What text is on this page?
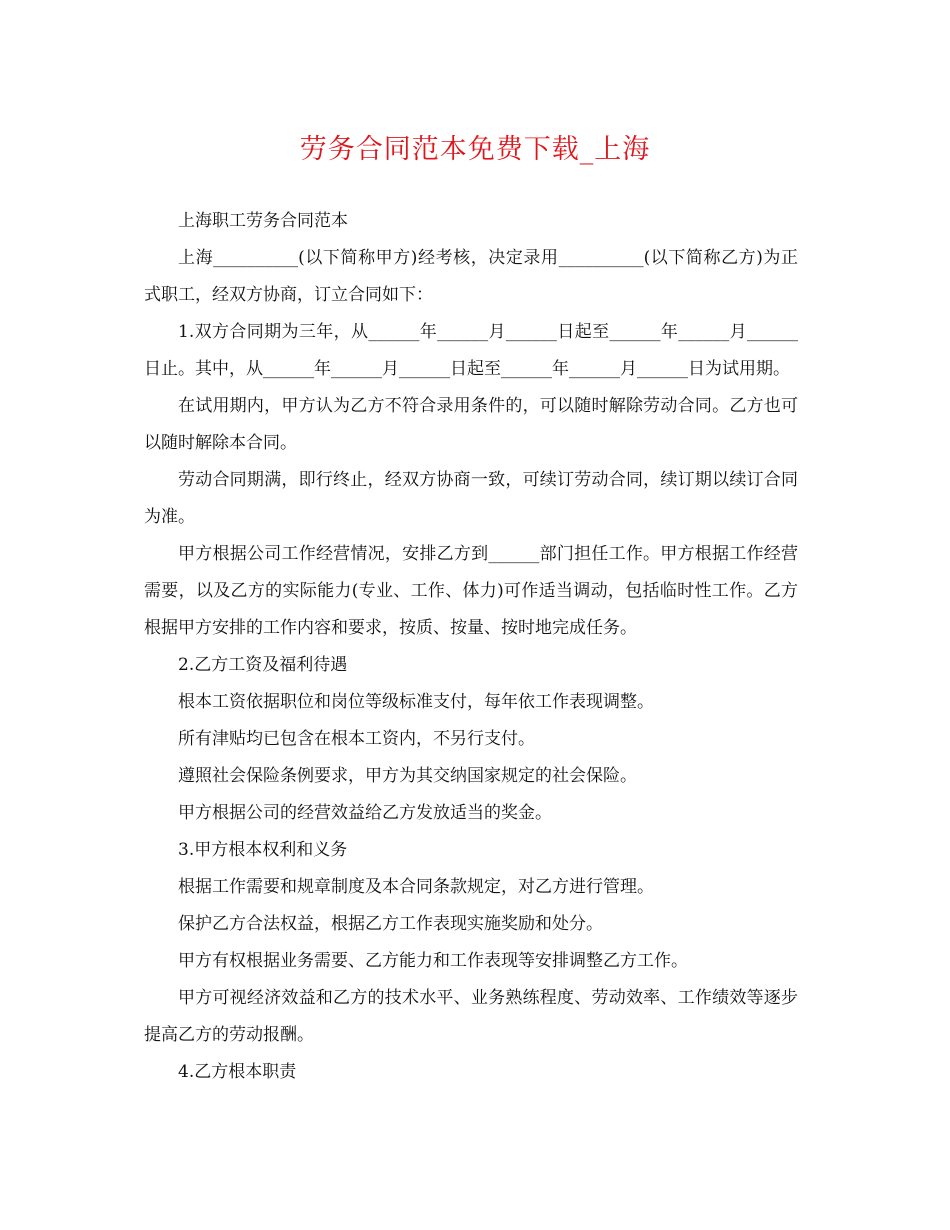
劳务合同范本免费下载_上海

上海职工劳务合同范本

上海__________(以下简称甲方)经考核，决定录用__________(以下简称乙方)为正式职工，经双方协商，订立合同如下：

1.双方合同期为三年，从______年______月______日起至______年______月______日止。其中，从______年______月______日起至______年______月______日为试用期。

在试用期内，甲方认为乙方不符合录用条件的，可以随时解除劳动合同。乙方也可以随时解除本合同。

劳动合同期满，即行终止，经双方协商一致，可续订劳动合同，续订期以续订合同为准。

甲方根据公司工作经营情况，安排乙方到______部门担任工作。甲方根据工作经营需要，以及乙方的实际能力(专业、工作、体力)可作适当调动，包括临时性工作。乙方根据甲方安排的工作内容和要求，按质、按量、按时地完成任务。

2.乙方工资及福利待遇

根本工资依据职位和岗位等级标准支付，每年依工作表现调整。

所有津贴均已包含在根本工资内，不另行支付。

遵照社会保险条例要求，甲方为其交纳国家规定的社会保险。

甲方根据公司的经营效益给乙方发放适当的奖金。

3.甲方根本权利和义务

根据工作需要和规章制度及本合同条款规定，对乙方进行管理。

保护乙方合法权益，根据乙方工作表现实施奖励和处分。

甲方有权根据业务需要、乙方能力和工作表现等安排调整乙方工作。

甲方可视经济效益和乙方的技术水平、业务熟练程度、劳动效率、工作绩效等逐步提高乙方的劳动报酬。

4.乙方根本职责
